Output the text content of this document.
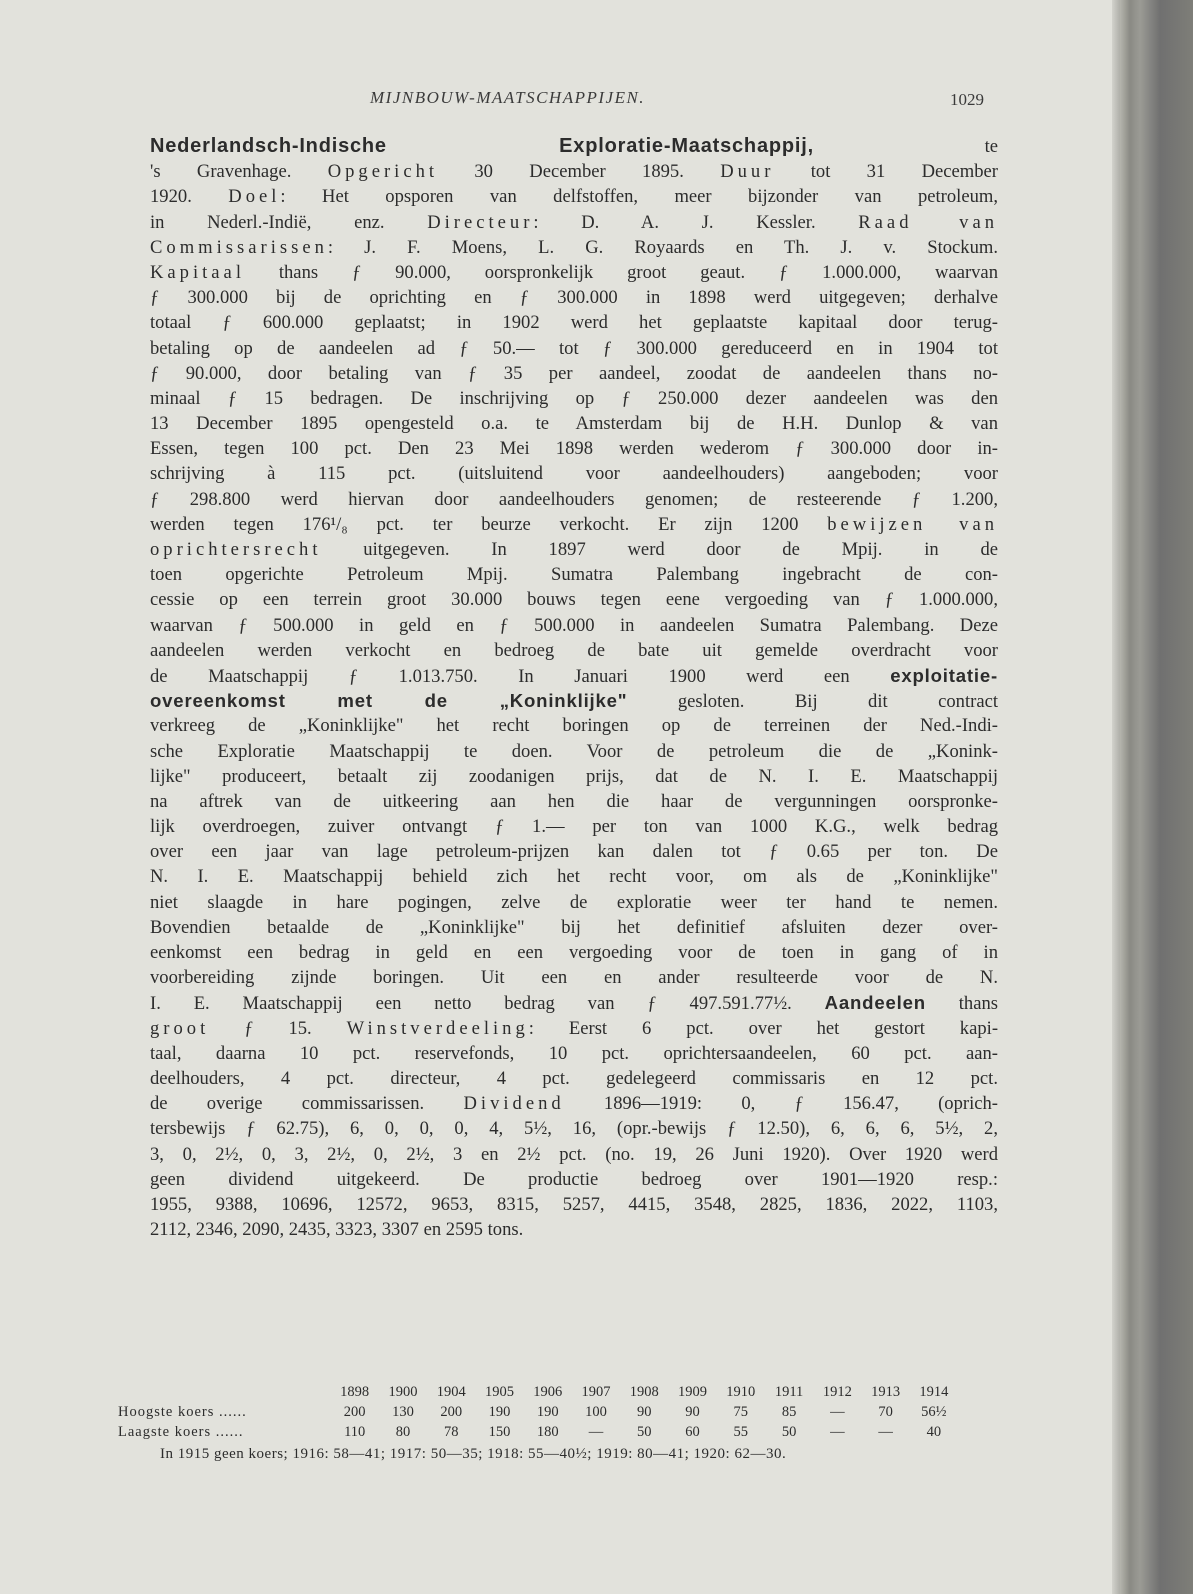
MIJNBOUW-MAATSCHAPPIJEN.	1029
Nederlandsch-Indische Exploratie-Maatschappij,	te
's Gravenhage. Opgericht 30 December 1895. Duur tot 31 December
1920. Doel: Het opsporen van delfstoffen, meer bijzonder van petroleum,
in Nederl.-Indië, enz. Directeur: D. A. J. Kessler. Raad van
Commissarissen: J. F. Moens, L. G. Royaards en Th. J. v. Stockum.
Kapitaal thans ƒ 90.000, oorspronkelijk groot geaut. ƒ 1.000.000, waarvan
ƒ 300.000 bij de oprichting en ƒ 300.000 in 1898 werd uitgegeven; derhalve
totaal ƒ 600.000 geplaatst; in 1902 werd het geplaatste kapitaal door terug-
betaling op de aandeelen ad ƒ 50.— tot ƒ 300.000 gereduceerd en in 1904 tot
ƒ 90.000, door betaling van ƒ 35 per aandeel, zoodat de aandeelen thans no-
minaal ƒ 15 bedragen. De inschrijving op ƒ 250.000 dezer aandeelen was den
13 December 1895 opengesteld o.a. te Amsterdam bij de H.H. Dunlop & van
Essen, tegen 100 pct. Den 23 Mei 1898 werden wederom ƒ 300.000 door in-
schrijving à 115 pct. (uitsluitend voor aandeelhouders) aangeboden; voor
ƒ 298.800 werd hiervan door aandeelhouders genomen; de resteerende ƒ 1.200,
werden tegen 176¹/₈ pct. ter beurze verkocht. Er zijn 1200 bewijzen van
oprichtersrecht uitgegeven. In 1897 werd door de Mpij. in de
toen opgerichte Petroleum Mpij. Sumatra Palembang ingebracht de con-
cessie op een terrein groot 30.000 bouws tegen eene vergoeding van ƒ 1.000.000,
waarvan ƒ 500.000 in geld en ƒ 500.000 in aandeelen Sumatra Palembang. Deze
aandeelen werden verkocht en bedroeg de bate uit gemelde overdracht voor
de Maatschappij ƒ 1.013.750. In Januari 1900 werd een exploitatie-
overeenkomst met de „Koninklijke" gesloten. Bij dit contract
verkreeg de „Koninklijke" het recht boringen op de terreinen der Ned.-Indi-
sche Exploratie Maatschappij te doen. Voor de petroleum die de „Konink-
lijke" produceert, betaalt zij zoodanigen prijs, dat de N. I. E. Maatschappij
na aftrek van de uitkeering aan hen die haar de vergunningen oorspronke-
lijk overdroegen, zuiver ontvangt ƒ 1.— per ton van 1000 K.G., welk bedrag
over een jaar van lage petroleum-prijzen kan dalen tot ƒ 0.65 per ton. De
N. I. E. Maatschappij behield zich het recht voor, om als de „Koninklijke"
niet slaagde in hare pogingen, zelve de exploratie weer ter hand te nemen.
Bovendien betaalde de „Koninklijke" bij het definitief afsluiten dezer over-
eenkomst een bedrag in geld en een vergoeding voor de toen in gang of in
voorbereiding zijnde boringen. Uit een en ander resulteerde voor de N.
I. E. Maatschappij een netto bedrag van ƒ 497.591.77½. Aandeelen thans
groot ƒ 15. Winstverdeeling: Eerst 6 pct. over het gestort kapi-
taal, daarna 10 pct. reservefonds, 10 pct. oprichtersaandeelen, 60 pct. aan-
deelhouders, 4 pct. directeur, 4 pct. gedelegeerd commissaris en 12 pct.
de overige commissarissen. Dividend 1896—1919: 0, ƒ 156.47, (oprich-
tersbewijs ƒ 62.75), 6, 0, 0, 0, 4, 5½, 16, (opr.-bewijs ƒ 12.50), 6, 6, 6, 5½, 2,
3, 0, 2½, 0, 3, 2½, 0, 2½, 3 en 2½ pct. (no. 19, 26 Juni 1920). Over 1920 werd
geen dividend uitgekeerd. De productie bedroeg over 1901—1920 resp.:
1955, 9388, 10696, 12572, 9653, 8315, 5257, 4415, 3548, 2825, 1836, 2022, 1103,
2112, 2346, 2090, 2435, 3323, 3307 en 2595 tons.
1898	1900	1904	1905	1906	1907	1908	1909	1910	1911	1912	1913	1914
Hoogste koers ......	200	130	200	190	190	100	90	90	75	85	—	70	56½
Laagste koers ......	110	80	78	150	180	—	50	60	55	50	—	—	40
In 1915 geen koers; 1916: 58—41; 1917: 50—35; 1918: 55—40½; 1919: 80—41; 1920: 62—30.
